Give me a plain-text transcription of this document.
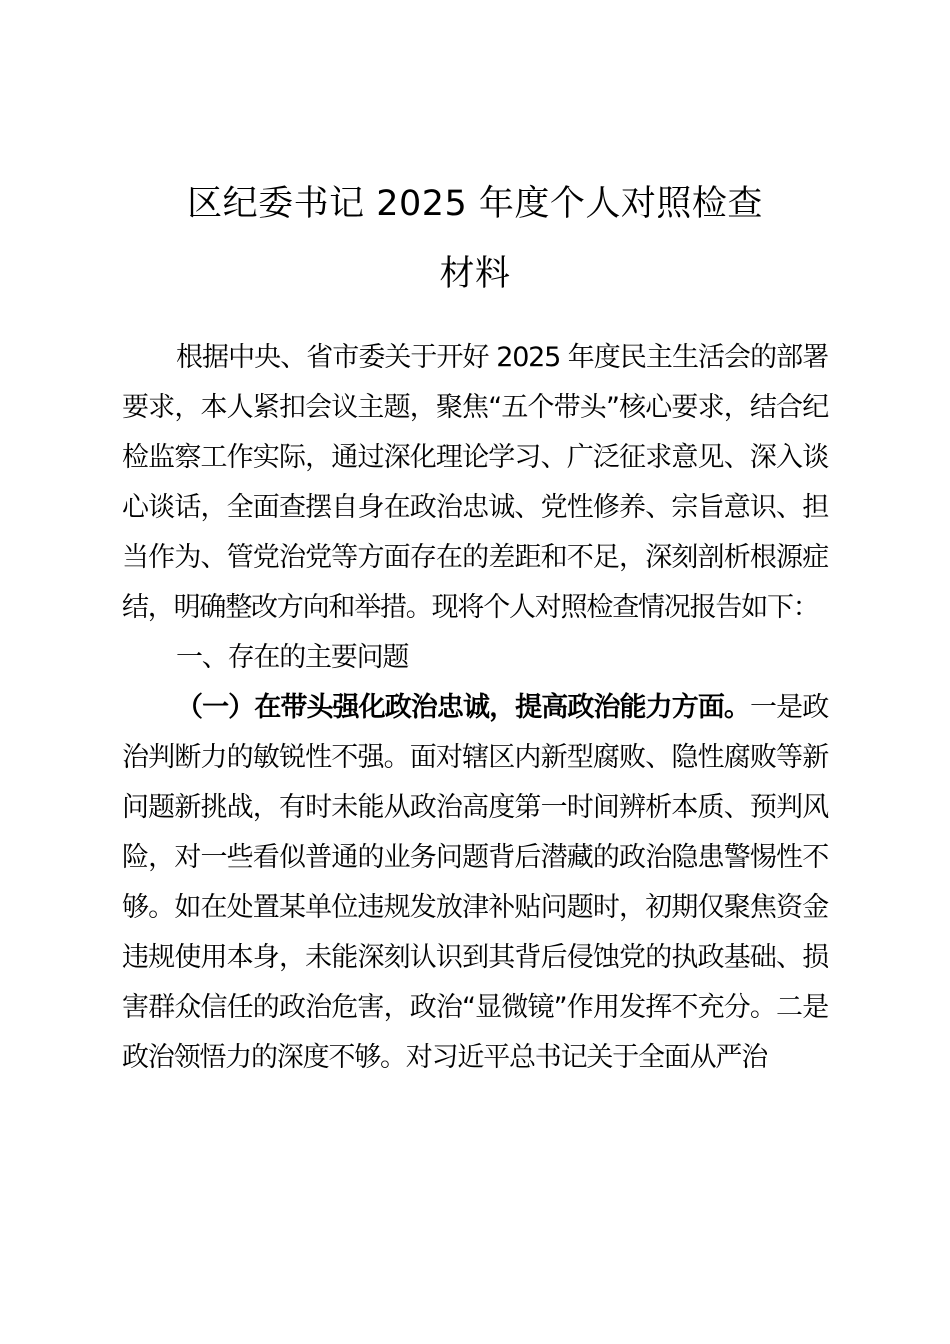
区纪委书记 2025 年度个人对照检查
材料

根据中央、省市委关于开好 2025 年度民主生活会的部署要求，本人紧扣会议主题，聚焦“五个带头”核心要求，结合纪检监察工作实际，通过深化理论学习、广泛征求意见、深入谈心谈话，全面查摆自身在政治忠诚、党性修养、宗旨意识、担当作为、管党治党等方面存在的差距和不足，深刻剖析根源症结，明确整改方向和举措。现将个人对照检查情况报告如下：

一、存在的主要问题

（一）在带头强化政治忠诚，提高政治能力方面。一是政治判断力的敏锐性不强。面对辖区内新型腐败、隐性腐败等新问题新挑战，有时未能从政治高度第一时间辨析本质、预判风险，对一些看似普通的业务问题背后潜藏的政治隐患警惕性不够。如在处置某单位违规发放津补贴问题时，初期仅聚焦资金违规使用本身，未能深刻认识到其背后侵蚀党的执政基础、损害群众信任的政治危害，政治“显微镜”作用发挥不充分。二是政治领悟力的深度不够。对习近平总书记关于全面从严治
